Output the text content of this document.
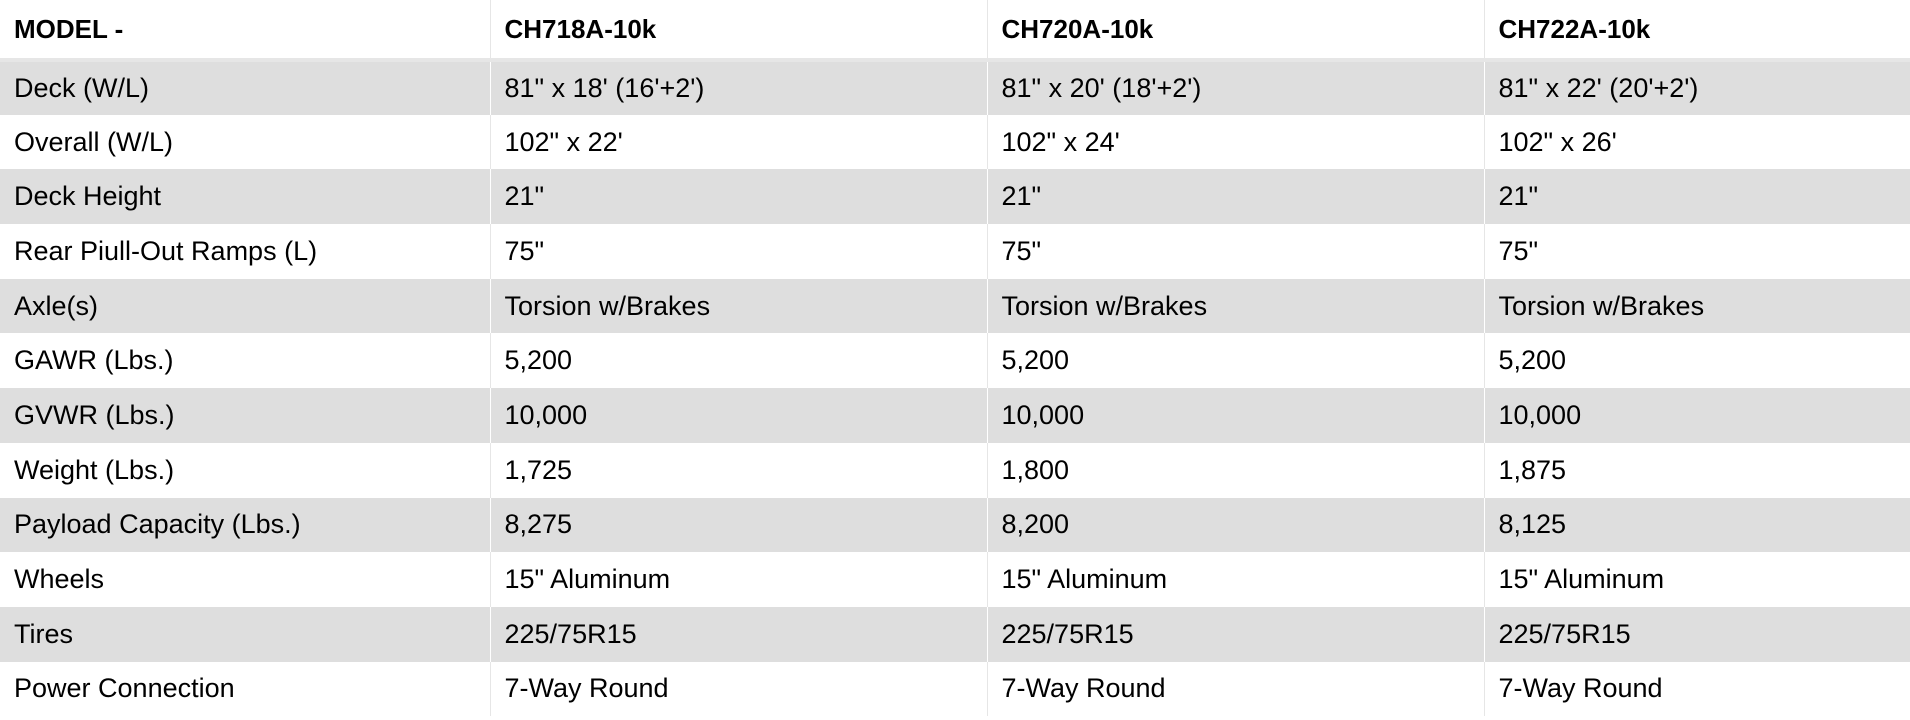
MODEL -	CH718A-10k	CH720A-10k	CH722A-10k
Deck (W/L)	81" x 18' (16'+2')	81" x 20' (18'+2')	81" x 22' (20'+2')
Overall (W/L)	102" x 22'	102" x 24'	102" x 26'
Deck Height	21"	21"	21"
Rear Piull-Out Ramps (L)	75"	75"	75"
Axle(s)	Torsion w/Brakes	Torsion w/Brakes	Torsion w/Brakes
GAWR (Lbs.)	5,200	5,200	5,200
GVWR (Lbs.)	10,000	10,000	10,000
Weight (Lbs.)	1,725	1,800	1,875
Payload Capacity (Lbs.)	8,275	8,200	8,125
Wheels	15" Aluminum	15" Aluminum	15" Aluminum
Tires	225/75R15	225/75R15	225/75R15
Power Connection	7-Way Round	7-Way Round	7-Way Round
